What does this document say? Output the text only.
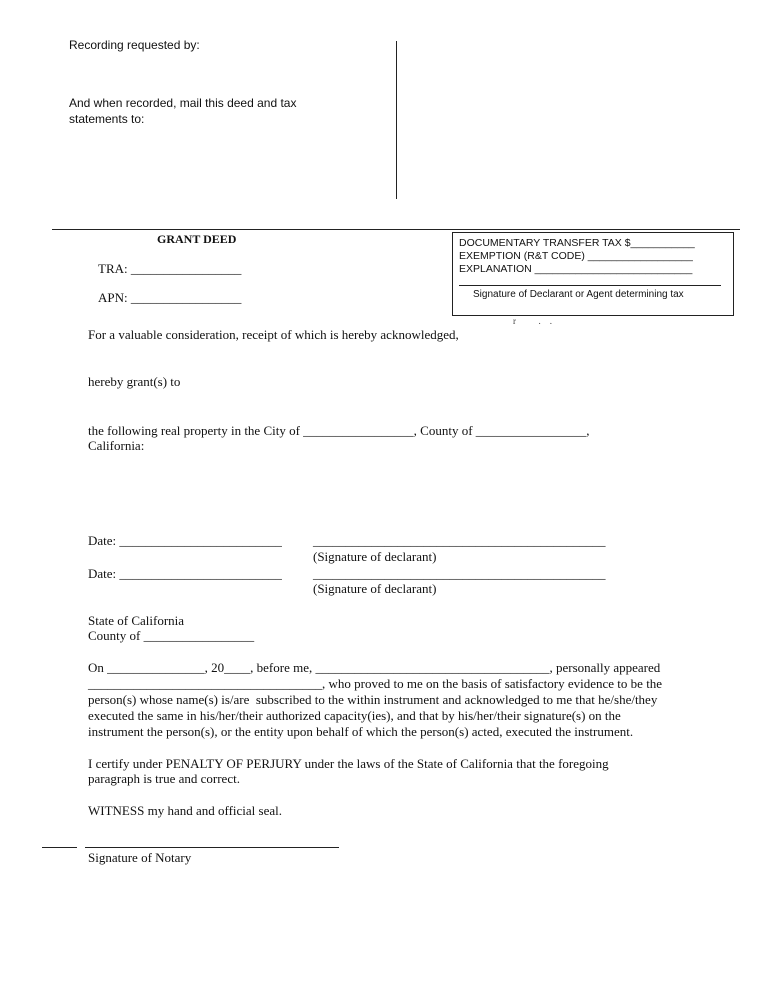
Recording requested by:
And when recorded, mail this deed and tax
statements to:
GRANT DEED
TRA: _________________
APN: _________________
DOCUMENTARY TRANSFER TAX $___________
EXEMPTION (R&T CODE) __________________
EXPLANATION ___________________________
Signature of Declarant or Agent determining tax
r          .    .
For a valuable consideration, receipt of which is hereby acknowledged,
hereby grant(s) to
the following real property in the City of _________________, County of _________________,
California:
Date: _________________________ _____________________________________________
(Signature of declarant)
Date: _________________________ _____________________________________________
(Signature of declarant)
State of California
County of _________________
On _______________, 20____, before me, ____________________________________, personally appeared
____________________________________, who proved to me on the basis of satisfactory evidence to be the
person(s) whose name(s) is/are  subscribed to the within instrument and acknowledged to me that he/she/they
executed the same in his/her/their authorized capacity(ies), and that by his/her/their signature(s) on the
instrument the person(s), or the entity upon behalf of which the person(s) acted, executed the instrument.
I certify under PENALTY OF PERJURY under the laws of the State of California that the foregoing
paragraph is true and correct.
WITNESS my hand and official seal.
Signature of Notary
